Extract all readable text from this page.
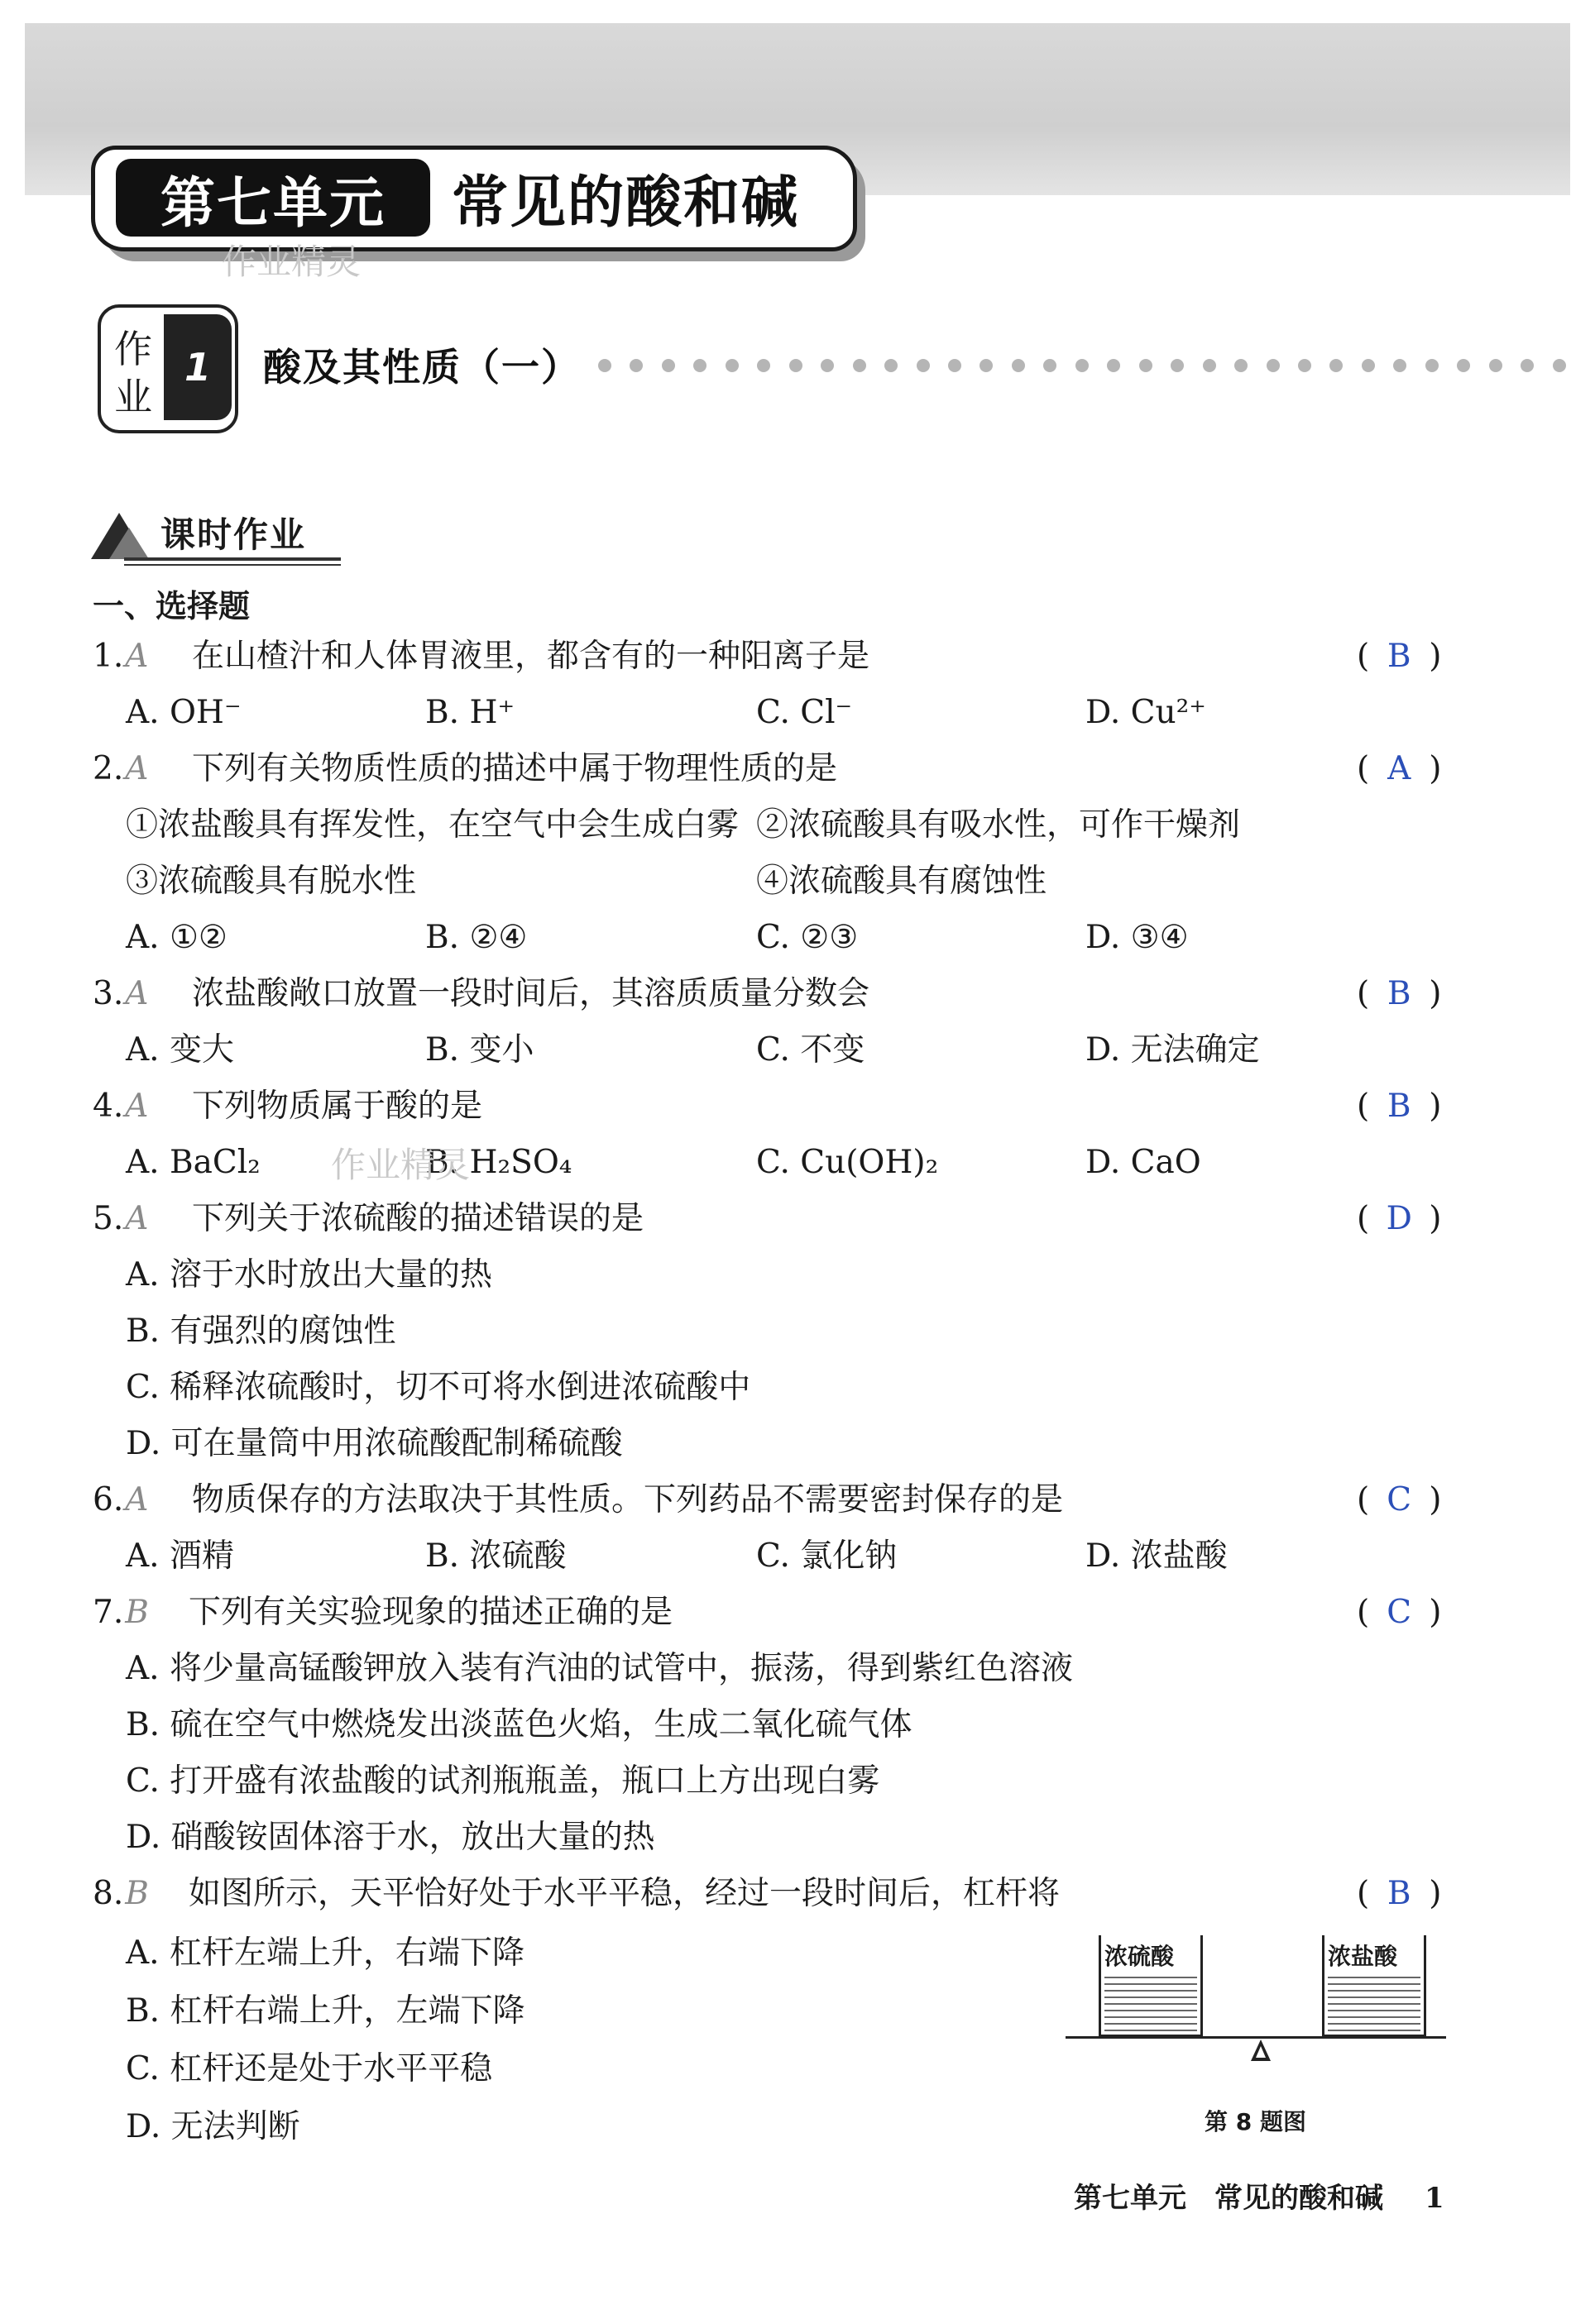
第七单元	常见的酸和碱
作业精灵
作
业
1	酸及其性质（一）
课时作业
一、选择题
1.A 在山楂汁和人体胃液里，都含有的一种阳离子是	( B )
A. OH⁻	B. H⁺	C. Cl⁻	D. Cu²⁺
2.A 下列有关物质性质的描述中属于物理性质的是	( A )
①浓盐酸具有挥发性，在空气中会生成白雾 ②浓硫酸具有吸水性，可作干燥剂
③浓硫酸具有脱水性	④浓硫酸具有腐蚀性
A. ①②	B. ②④	C. ②③	D. ③④
3.A 浓盐酸敞口放置一段时间后，其溶质质量分数会	( B )
A. 变大	B. 变小	C. 不变	D. 无法确定
4.A 下列物质属于酸的是	( B )
A. BaCl₂	B. H₂SO₄	C. Cu(OH)₂	D. CaO
作业精灵
5.A 下列关于浓硫酸的描述错误的是	( D )
A. 溶于水时放出大量的热
B. 有强烈的腐蚀性
C. 稀释浓硫酸时，切不可将水倒进浓硫酸中
D. 可在量筒中用浓硫酸配制稀硫酸
6.A 物质保存的方法取决于其性质。下列药品不需要密封保存的是	( C )
A. 酒精	B. 浓硫酸	C. 氯化钠	D. 浓盐酸
7.B 下列有关实验现象的描述正确的是	( C )
A. 将少量高锰酸钾放入装有汽油的试管中，振荡，得到紫红色溶液
B. 硫在空气中燃烧发出淡蓝色火焰，生成二氧化硫气体
C. 打开盛有浓盐酸的试剂瓶瓶盖，瓶口上方出现白雾
D. 硝酸铵固体溶于水，放出大量的热
8.B 如图所示，天平恰好处于水平平稳，经过一段时间后，杠杆将	( B )
A. 杠杆左端上升，右端下降
B. 杠杆右端上升，左端下降
C. 杠杆还是处于水平平稳
D. 无法判断
浓硫酸	浓盐酸
第 8 题图
第七单元　常见的酸和碱 1
